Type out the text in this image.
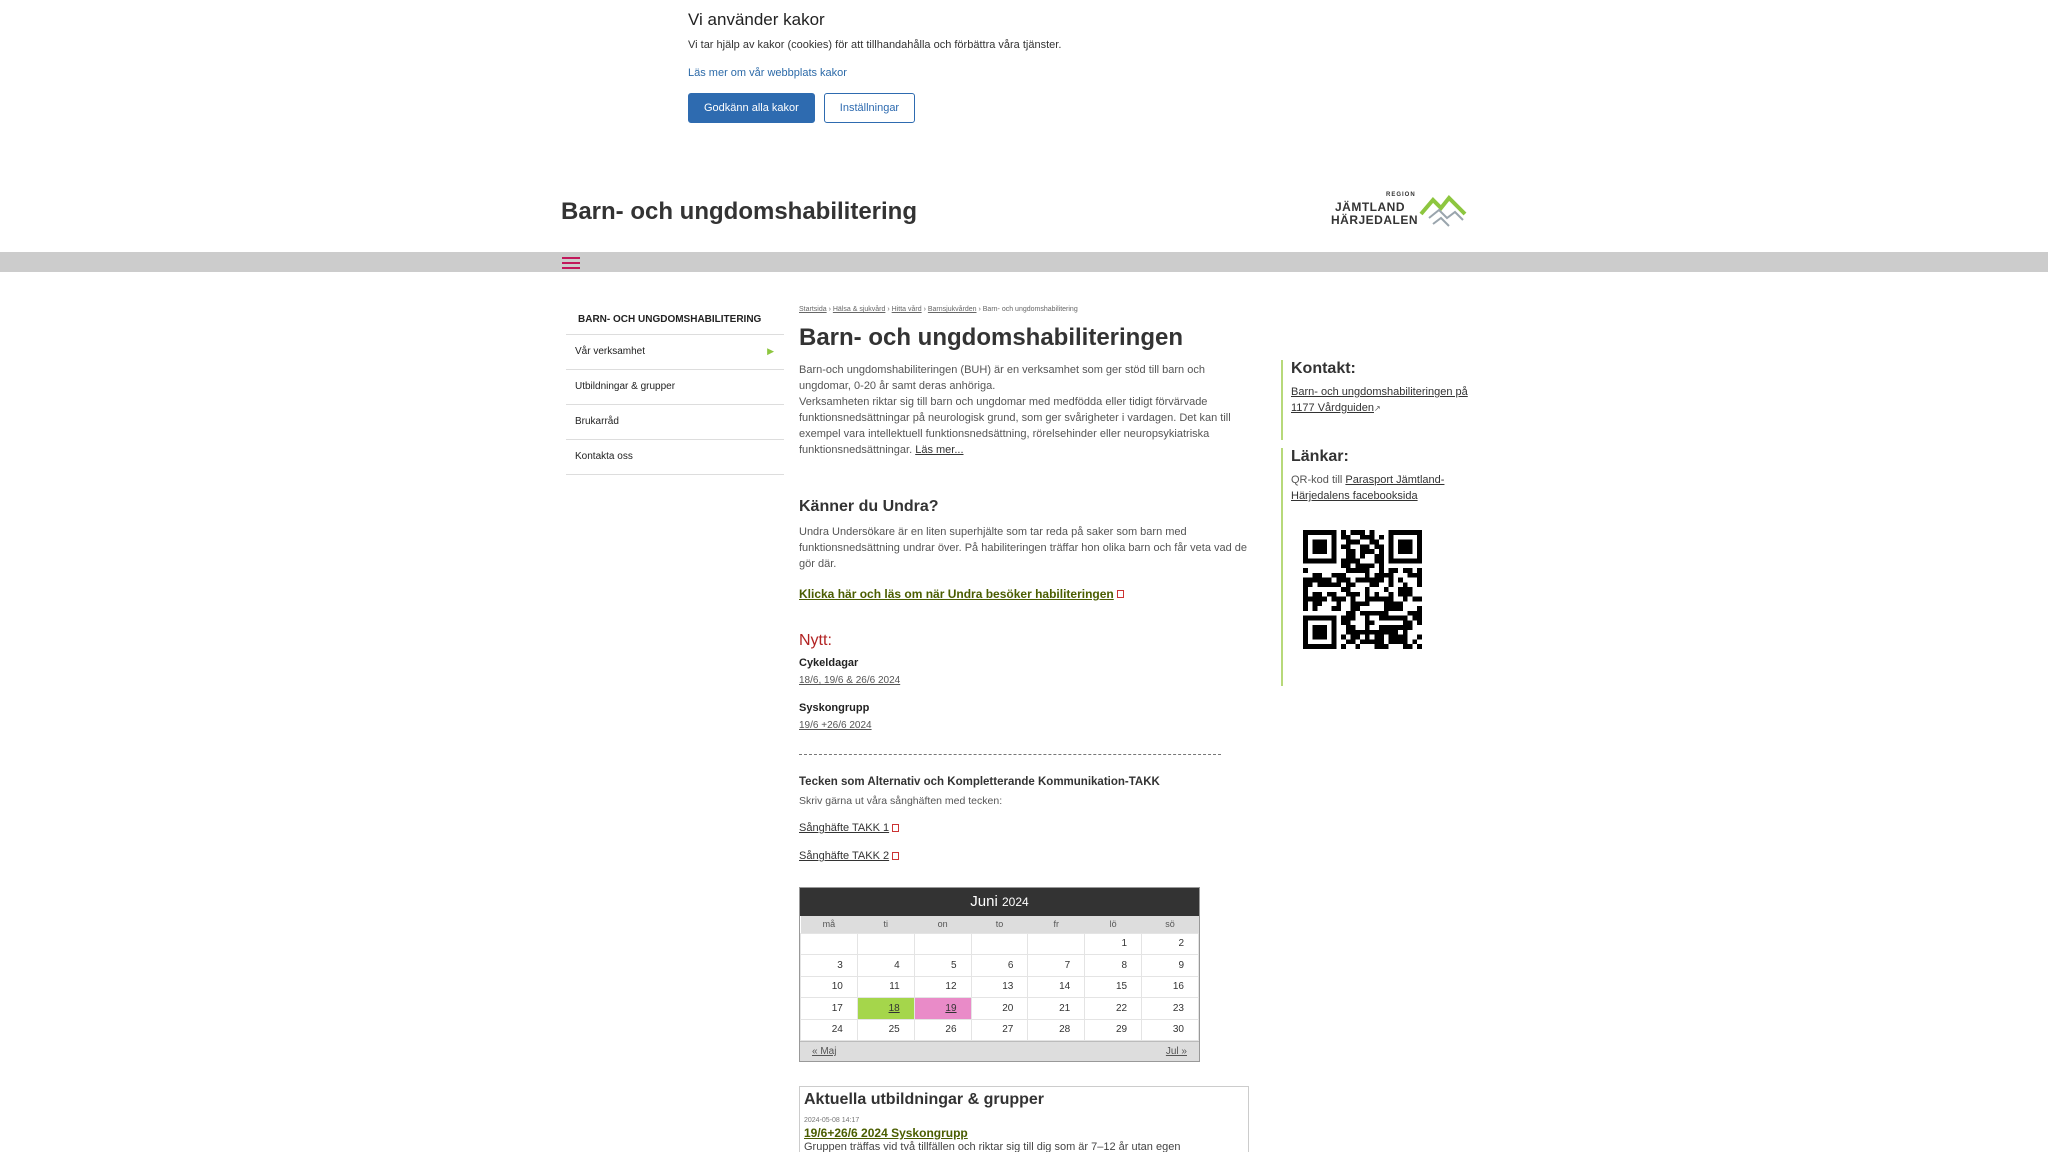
Vi använder kakor

Vi tar hjälp av kakor (cookies) för att tillhandahålla och förbättra våra tjänster.

Läs mer om vår webbplats kakor
Godkänn alla kakor	Inställningar
Barn- och ungdomshabilitering
REGION
JÄMTLAND
HÄRJEDALEN
BARN- OCH UNGDOMSHABILITERING
Vår verksamhet	▶
Utbildningar & grupper
Brukarråd
Kontakta oss
Startsida › Hälsa & sjukvård › Hitta vård › Barnsjukvården › Barn- och ungdomshabilitering
Barn- och ungdomshabiliteringen

Barn-och ungdomshabiliteringen (BUH) är en verksamhet som ger stöd till barn och ungdomar, 0-20 år samt deras anhöriga.

Verksamheten riktar sig till barn och ungdomar med medfödda eller tidigt förvärvade funktionsnedsättningar på neurologisk grund, som ger svårigheter i vardagen. Det kan till exempel vara intellektuell funktionsnedsättning, rörelsehinder eller neuropsykiatriska funktionsnedsättningar. Läs mer...

Känner du Undra?

Undra Undersökare är en liten superhjälte som tar reda på saker som barn med funktionsnedsättning undrar över. På habiliteringen träffar hon olika barn och får veta vad de gör där.

Klicka här och läs om när Undra besöker habiliteringen
Nytt:
Cykeldagar
18/6, 19/6 & 26/6 2024
Syskongrupp
19/6 +26/6 2024
Tecken som Alternativ och Kompletterande Kommunikation-TAKK
Skriv gärna ut våra sånghäften med tecken:
Sånghäfte TAKK 1
Sånghäfte TAKK 2
Juni 2024
må	ti	on	to	fr	lö	sö
					1	2
3	4	5	6	7	8	9
10	11	12	13	14	15	16
17	18	19	20	21	22	23
24	25	26	27	28	29	30
« Maj	Jul »
Aktuella utbildningar & grupper
2024-05-08 14:17
19/6+26/6 2024 Syskongrupp
Gruppen träffas vid två tillfällen och riktar sig till dig som är 7–12 år utan egen
Kontakt:

Barn- och ungdomshabiliteringen på 1177 Vårdguiden↗

Länkar:

QR-kod till Parasport Jämtland-Härjedalens facebooksida
